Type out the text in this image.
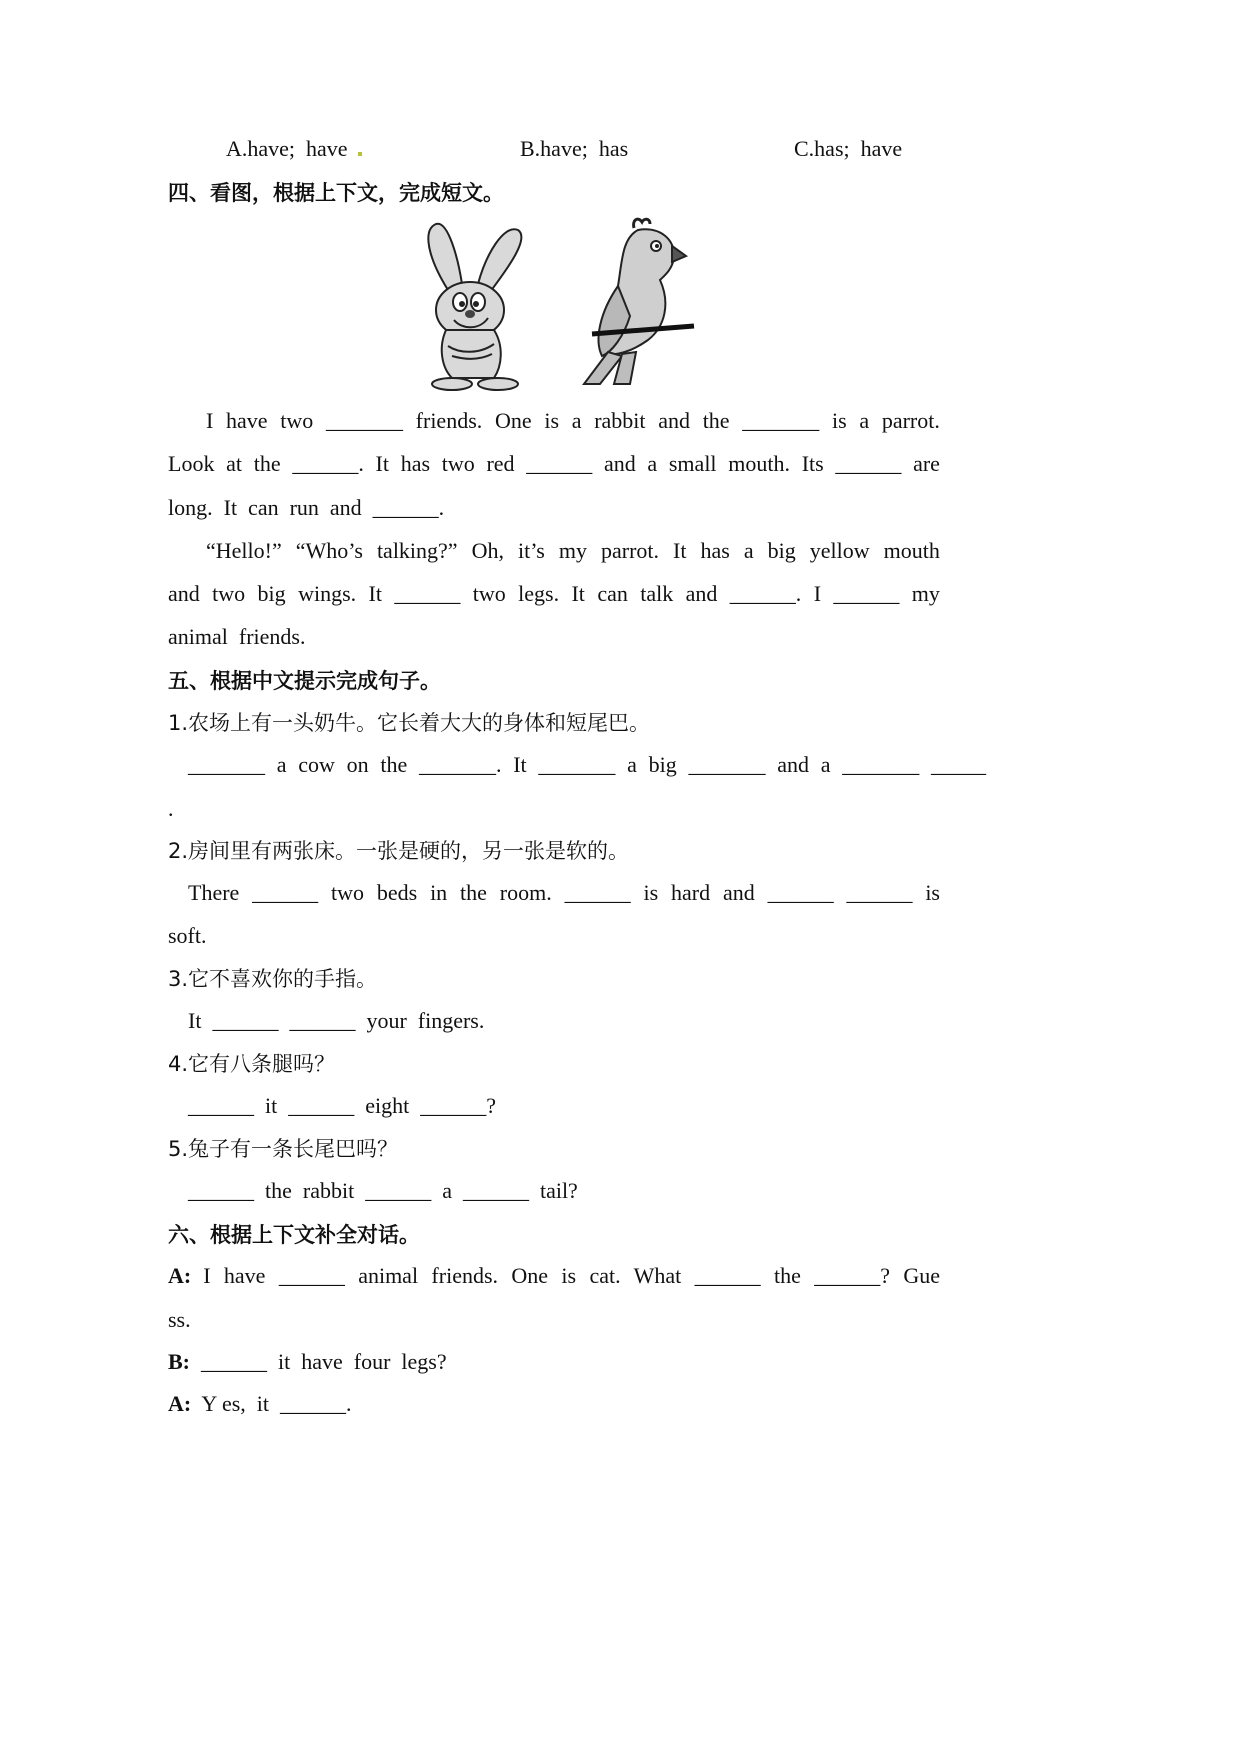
A.have;  have	B.have;  has	C.has;  have
四、看图，根据上下文，完成短文。
I have two _______ friends. One is a rabbit and the _______ is a parrot.
Look at the ______. It has two red ______ and a small mouth. Its ______ are
long.  It  can  run  and  ______.
“Hello!” “Who’s talking?” Oh, it’s my parrot. It has a big yellow mouth
and two big wings. It ______ two legs. It can talk and ______. I ______ my
animal  friends.
五、根据中文提示完成句子。
1.农场上有一头奶牛。它长着大大的身体和短尾巴。
_______ a cow on the _______. It _______ a big _______ and a _______ _____
.
2.房间里有两张床。一张是硬的，另一张是软的。
There ______ two beds in the room. ______ is hard and ______ ______ is
soft.
3.它不喜欢你的手指。
It  ______  ______  your  fingers.
4.它有八条腿吗？
______  it  ______  eight  ______?
5.兔子有一条长尾巴吗？
______  the  rabbit  ______  a  ______  tail?
六、根据上下文补全对话。
A: I have ______ animal friends. One is cat. What ______ the ______? Gue
ss.
B: ______  it  have  four  legs?
A: Y es,  it  ______.
